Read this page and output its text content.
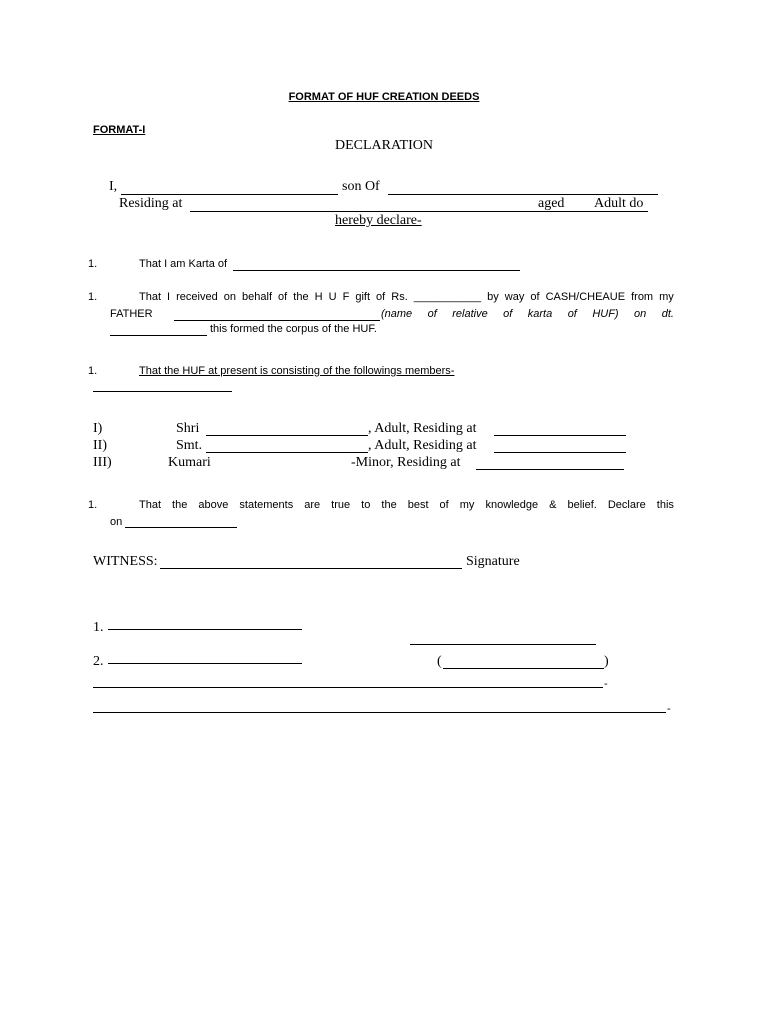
FORMAT OF HUF CREATION DEEDS
FORMAT-I
DECLARATION
I,	son Of
Residing at	aged Adult do
hereby declare-
1.	That I am Karta of
1.	That I received on behalf of the H U F gift of Rs. ___________ by way of CASH/CHEAUE from my
FATHER	(name of relative of karta of HUF) on dt.
this formed the corpus of the HUF.
1.	That the HUF at present is consisting of the followings members-
I)	Shri	, Adult, Residing at
II)	Smt.	, Adult, Residing at
III)	Kumari	-Minor, Residing at
1.	That the above statements are true to the best of my knowledge & belief. Declare this
on
WITNESS:	Signature
1.
2.	(	)
-
-
